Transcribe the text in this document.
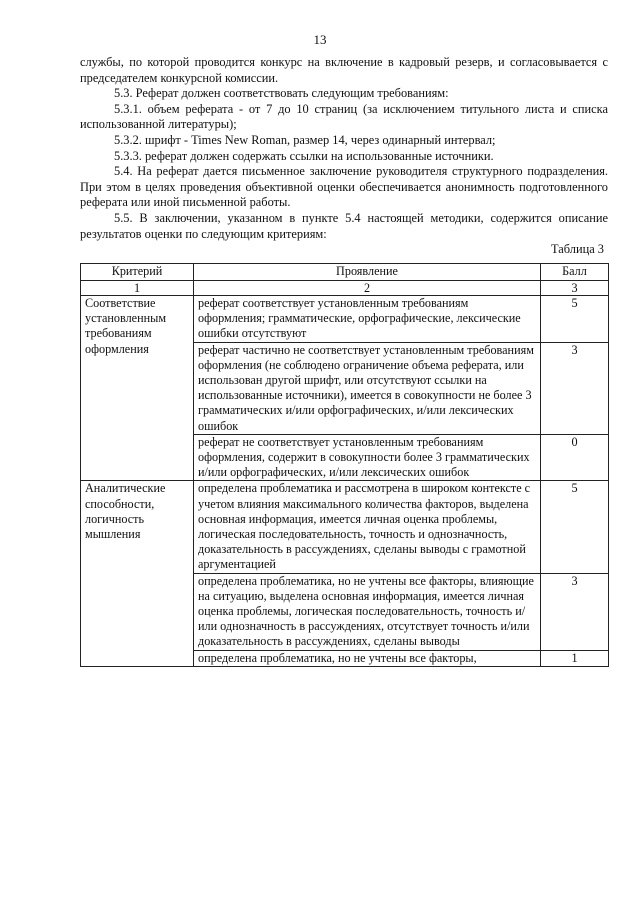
13

службы, по которой проводится конкурс на включение в кадровый резерв, и согласовывается с председателем конкурсной комиссии.

5.3. Реферат должен соответствовать следующим требованиям:

5.3.1. объем реферата - от 7 до 10 страниц (за исключением титульного листа и списка использованной литературы);

5.3.2. шрифт - Times New Roman, размер 14, через одинарный интервал;

5.3.3. реферат должен содержать ссылки на использованные источники.

5.4. На реферат дается письменное заключение руководителя структурного подразделения. При этом в целях проведения объективной оценки обеспечивается анонимность подготовленного реферата или иной письменной работы.

5.5. В заключении, указанном в пункте 5.4 настоящей методики, содержится описание результатов оценки по следующим критериям:

Таблица 3

Критерий	Проявление	Балл
1	2	3
Соответствие установленным требованиям оформления	реферат соответствует установленным требованиям оформления; грамматические, орфографические, лексические ошибки отсутствуют	5
	реферат частично не соответствует установленным требованиям оформления (не соблюдено ограничение объема реферата, или использован другой шрифт, или отсутствуют ссылки на использованные источники), имеется в совокупности не более 3 грамматических и/или орфографических, и/или лексических ошибок	3
	реферат не соответствует установленным требованиям оформления, содержит в совокупности более 3 грамматических и/или орфографических, и/или лексических ошибок	0
Аналитические способности, логичность мышления	определена проблематика и рассмотрена в широком контексте с учетом влияния максимального количества факторов, выделена основная информация, имеется личная оценка проблемы, логическая последовательность, точность и однозначность, доказательность в рассуждениях, сделаны выводы с грамотной аргументацией	5
	определена проблематика, но не учтены все факторы, влияющие на ситуацию, выделена основная информация, имеется личная оценка проблемы, логическая последовательность, точность и/или однозначность в рассуждениях, отсутствует точность и/или доказательность в рассуждениях, сделаны выводы	3
	определена проблематика, но не учтены все факторы,	1
